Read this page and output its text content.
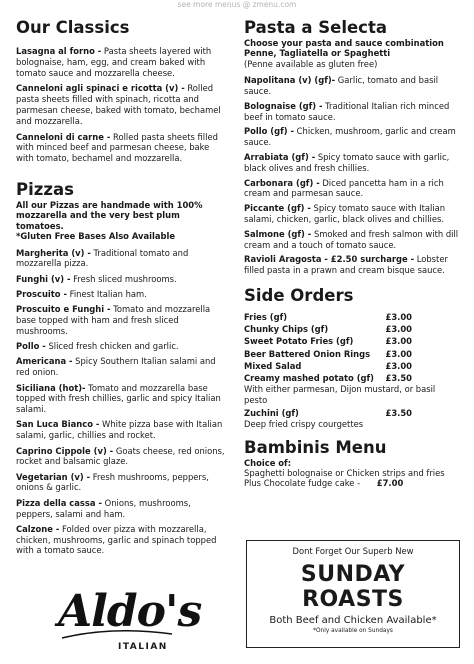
see more menus @ zmenu.com
Our Classics
Lasagna al forno - Pasta sheets layered with bolognaise, ham, egg, and cream baked with tomato sauce and mozzarella cheese.
Canneloni agli spinaci e ricotta (v) - Rolled pasta sheets filled with spinach, ricotta and parmesan cheese, baked with tomato, bechamel and mozzarella.
Canneloni di carne - Rolled pasta sheets filled with minced beef and parmesan cheese, bake with tomato, bechamel and mozzarella.
Pizzas
All our Pizzas are handmade with 100% mozzarella and the very best plum tomatoes.
*Gluten Free Bases Also Available
Margherita (v) - Traditional tomato and mozzarella pizza.
Funghi (v) - Fresh sliced mushrooms.
Proscuito - Finest Italian ham.
Proscuito e Funghi - Tomato and mozzarella base topped with ham and fresh sliced mushrooms.
Pollo - Sliced fresh chicken and garlic.
Americana - Spicy Southern Italian salami and red onion.
Siciliana (hot)- Tomato and mozzarella base topped with fresh chillies, garlic and spicy Italian salami.
San Luca Bianco - White pizza base with Italian salami, garlic, chillies and rocket.
Caprino Cippole (v) - Goats cheese, red onions, rocket and balsamic glaze.
Vegetarian (v) - Fresh mushrooms, peppers, onions & garlic.
Pizza della cassa - Onions, mushrooms, peppers, salami and ham.
Calzone - Folded over pizza with mozzarella, chicken, mushrooms, garlic and spinach topped with a tomato sauce.
Pasta a Selecta
Choose your pasta and sauce combination Penne, Tagliatella or Spaghetti
(Penne available as gluten free)
Napolitana (v) (gf)- Garlic, tomato and basil sauce.
Bolognaise (gf) - Traditional Italian rich minced beef in tomato sauce.
Pollo (gf) - Chicken, mushroom, garlic and cream sauce.
Arrabiata (gf) - Spicy tomato sauce with garlic, black olives and fresh chillies.
Carbonara (gf) - Diced pancetta ham in a rich cream and parmesan sauce.
Piccante (gf) - Spicy tomato sauce with Italian salami, chicken, garlic, black olives and chillies.
Salmone (gf) - Smoked and fresh salmon with dill cream and a touch of tomato sauce.
Ravioli Aragosta - £2.50 surcharge - Lobster filled pasta in a prawn and cream bisque sauce.
Side Orders
Fries (gf)	£3.00
Chunky Chips (gf)	£3.00
Sweet Potato Fries (gf)	£3.00
Beer Battered Onion Rings £3.00
Mixed Salad	£3.00
Creamy mashed potato (gf) £3.50
With either parmesan, Dijon mustard, or basil pesto
Zuchini (gf)	£3.50
Deep fried crispy courgettes
Bambinis Menu
Choice of:
Spaghetti bolognaise or Chicken strips and fries
Plus Chocolate fudge cake - £7.00
Aldo's
ITALIAN
Dont Forget Our Superb New
SUNDAY
ROASTS
Both Beef and Chicken Available*
*Only available on Sundays
